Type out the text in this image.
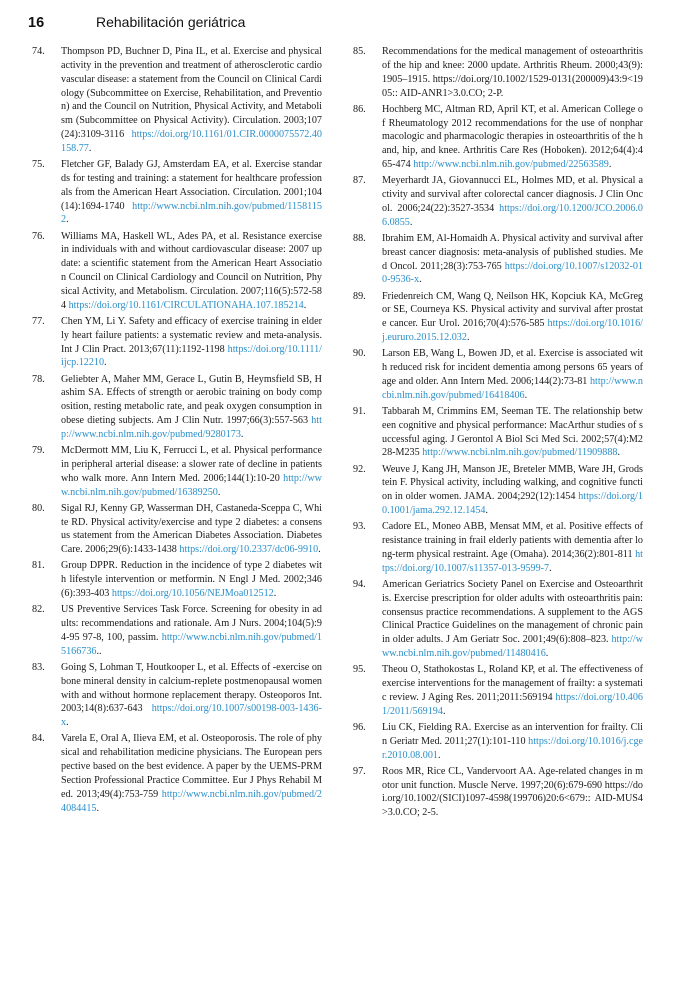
16	Rehabilitación geriátrica
74. Thompson PD, Buchner D, Pina IL, et al. Exercise and physical activity in the prevention and treatment of atherosclerotic cardiovascular disease: a statement from the Council on Clinical Cardiology (Subcommittee on Exercise, Rehabilitation, and Prevention) and the Council on Nutrition, Physical Activity, and Metabolism (Subcommittee on Physical Activity). Circulation. 2003;107(24):3109-3116 https://doi.org/10.1161/01.CIR.0000075572.40158.77.
75. Fletcher GF, Balady GJ, Amsterdam EA, et al. Exercise standards for testing and training: a statement for healthcare professionals from the American Heart Association. Circulation. 2001;104(14):1694-1740 http://www.ncbi.nlm.nih.gov/pubmed/11581152.
76. Williams MA, Haskell WL, Ades PA, et al. Resistance exercise in individuals with and without cardiovascular disease: 2007 update: a scientific statement from the American Heart Association Council on Clinical Cardiology and Council on Nutrition, Physical Activity, and Metabolism. Circulation. 2007;116(5):572-584 https://doi.org/10.1161/CIRCULATIONAHA.107.185214.
77. Chen YM, Li Y. Safety and efficacy of exercise training in elderly heart failure patients: a systematic review and meta-analysis. Int J Clin Pract. 2013;67(11):1192-1198 https://doi.org/10.1111/ijcp.12210.
78. Geliebter A, Maher MM, Gerace L, Gutin B, Heymsfield SB, Hashim SA. Effects of strength or aerobic training on body composition, resting metabolic rate, and peak oxygen consumption in obese dieting subjects. Am J Clin Nutr. 1997;66(3):557-563 http://www.ncbi.nlm.nih.gov/pubmed/9280173.
79. McDermott MM, Liu K, Ferrucci L, et al. Physical performance in peripheral arterial disease: a slower rate of decline in patients who walk more. Ann Intern Med. 2006;144(1):10-20 http://www.ncbi.nlm.nih.gov/pubmed/16389250.
80. Sigal RJ, Kenny GP, Wasserman DH, Castaneda-Sceppa C, White RD. Physical activity/exercise and type 2 diabetes: a consensus statement from the American Diabetes Association. Diabetes Care. 2006;29(6):1433-1438 https://doi.org/10.2337/dc06-9910.
81. Group DPPR. Reduction in the incidence of type 2 diabetes with lifestyle intervention or metformin. N Engl J Med. 2002;346(6):393-403 https://doi.org/10.1056/NEJMoa012512.
82. US Preventive Services Task Force. Screening for obesity in adults: recommendations and rationale. Am J Nurs. 2004;104(5):94-95 97-8, 100, passim. http://www.ncbi.nlm.nih.gov/pubmed/15166736..
83. Going S, Lohman T, Houtkooper L, et al. Effects of -exercise on bone mineral density in calcium-replete postmenopausal women with and without hormone replacement therapy. Osteoporos Int. 2003;14(8):637-643 https://doi.org/10.1007/s00198-003-1436-x.
84. Varela E, Oral A, Ilieva EM, et al. Osteoporosis. The role of physical and rehabilitation medicine physicians. The European perspective based on the best evidence. A paper by the UEMS-PRM Section Professional Practice Committee. Eur J Phys Rehabil Med. 2013;49(4):753-759 http://www.ncbi.nlm.nih.gov/pubmed/24084415.
85. Recommendations for the medical management of osteoarthritis of the hip and knee: 2000 update. Arthritis Rheum. 2000;43(9):1905–1915. https://doi.org/10.1002/1529-0131(200009)43:9<1905:: AID-ANR1>3.0.CO; 2-P.
86. Hochberg MC, Altman RD, April KT, et al. American College of Rheumatology 2012 recommendations for the use of nonpharmacologic and pharmacologic therapies in osteoarthritis of the hand, hip, and knee. Arthritis Care Res (Hoboken). 2012;64(4):465-474 http://www.ncbi.nlm.nih.gov/pubmed/22563589.
87. Meyerhardt JA, Giovannucci EL, Holmes MD, et al. Physical activity and survival after colorectal cancer diagnosis. J Clin Oncol. 2006;24(22):3527-3534 https://doi.org/10.1200/JCO.2006.06.0855.
88. Ibrahim EM, Al-Homaidh A. Physical activity and survival after breast cancer diagnosis: meta-analysis of published studies. Med Oncol. 2011;28(3):753-765 https://doi.org/10.1007/s12032-010-9536-x.
89. Friedenreich CM, Wang Q, Neilson HK, Kopciuk KA, McGregor SE, Courneya KS. Physical activity and survival after prostate cancer. Eur Urol. 2016;70(4):576-585 https://doi.org/10.1016/j.eururo.2015.12.032.
90. Larson EB, Wang L, Bowen JD, et al. Exercise is associated with reduced risk for incident dementia among persons 65 years of age and older. Ann Intern Med. 2006;144(2):73-81 http://www.ncbi.nlm.nih.gov/pubmed/16418406.
91. Tabbarah M, Crimmins EM, Seeman TE. The relationship between cognitive and physical performance: MacArthur studies of successful aging. J Gerontol A Biol Sci Med Sci. 2002;57(4):M228-M235 http://www.ncbi.nlm.nih.gov/pubmed/11909888.
92. Weuve J, Kang JH, Manson JE, Breteler MMB, Ware JH, Grodstein F. Physical activity, including walking, and cognitive function in older women. JAMA. 2004;292(12):1454 https://doi.org/10.1001/jama.292.12.1454.
93. Cadore EL, Moneo ABB, Mensat MM, et al. Positive effects of resistance training in frail elderly patients with dementia after long-term physical restraint. Age (Omaha). 2014;36(2):801-811 https://doi.org/10.1007/s11357-013-9599-7.
94. American Geriatrics Society Panel on Exercise and Osteoarthritis. Exercise prescription for older adults with osteoarthritis pain: consensus practice recommendations. A supplement to the AGS Clinical Practice Guidelines on the management of chronic pain in older adults. J Am Geriatr Soc. 2001;49(6):808–823. http://www.ncbi.nlm.nih.gov/pubmed/11480416.
95. Theou O, Stathokostas L, Roland KP, et al. The effectiveness of exercise interventions for the management of frailty: a systematic review. J Aging Res. 2011;2011:569194 https://doi.org/10.4061/2011/569194.
96. Liu CK, Fielding RA. Exercise as an intervention for frailty. Clin Geriatr Med. 2011;27(1):101-110 https://doi.org/10.1016/j.cger.2010.08.001.
97. Roos MR, Rice CL, Vandervoort AA. Age-related changes in motor unit function. Muscle Nerve. 1997;20(6):679-690 https://doi.org/10.1002/(SICI)1097-4598(199706)20:6<679:: AID-MUS4>3.0.CO; 2-5.
